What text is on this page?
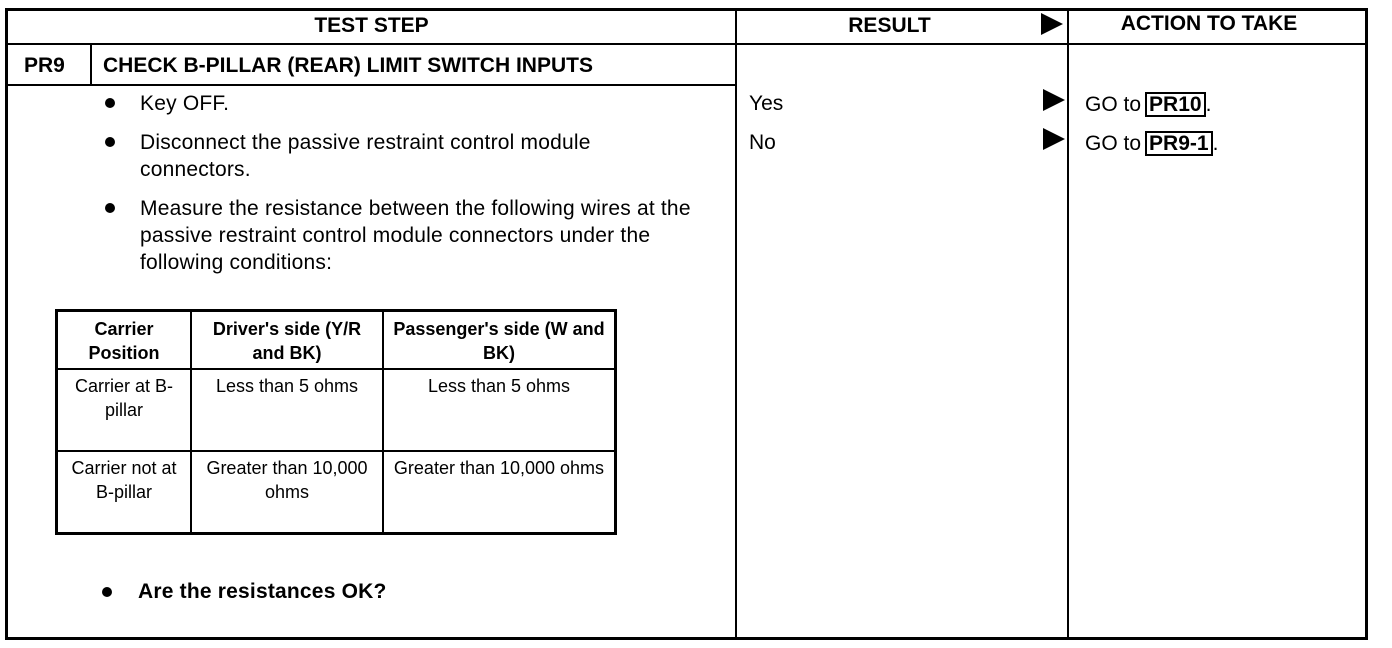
TEST STEP	RESULT	ACTION TO TAKE
PR9 CHECK B-PILLAR (REAR) LIMIT SWITCH INPUTS
Key OFF.
Disconnect the passive restraint control module connectors.
Measure the resistance between the following wires at the passive restraint control module connectors under the following conditions:
Carrier Position	Driver's side (Y/R and BK)	Passenger's side (W and BK)
Carrier at B-pillar	Less than 5 ohms	Less than 5 ohms
Carrier not at B-pillar	Greater than 10,000 ohms	Greater than 10,000 ohms
Are the resistances OK?
Yes	GO to PR10 .
No	GO to PR9-1 .
